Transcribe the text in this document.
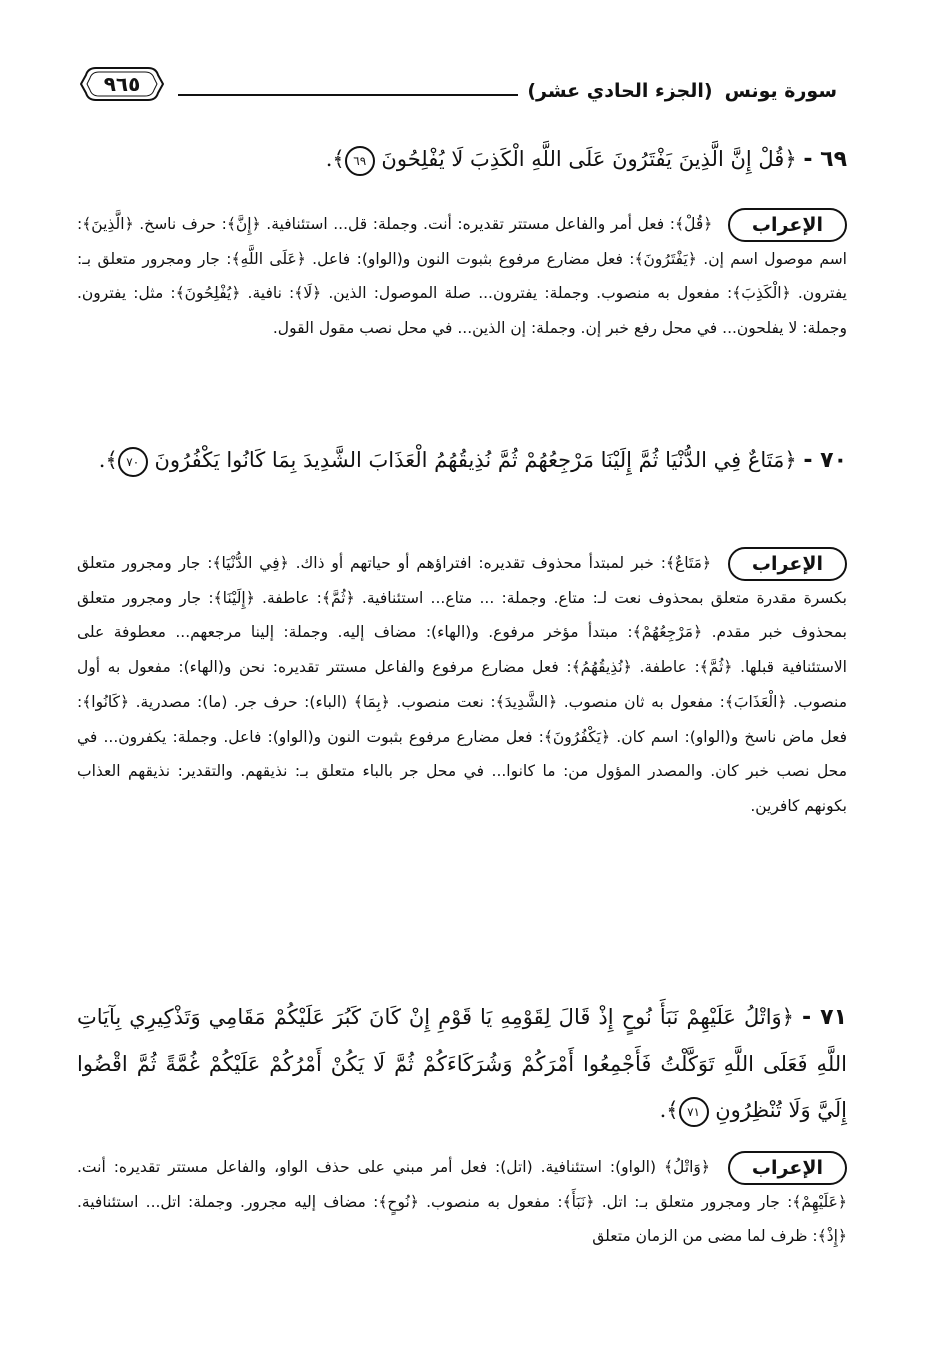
سورة يونس(الجزء الحادي عشر)
٩٦٥
٦٩ - ﴿قُلْ إِنَّ الَّذِينَ يَفْتَرُونَ عَلَى اللَّهِ الْكَذِبَ لَا يُفْلِحُونَ ٦٩﴾.
الإعراب ﴿قُلْ﴾: فعل أمر والفاعل مستتر تقديره: أنت. وجملة: قل... استئنافية. ﴿إِنَّ﴾: حرف ناسخ. ﴿الَّذِينَ﴾: اسم موصول اسم إن. ﴿يَفْتَرُونَ﴾: فعل مضارع مرفوع بثبوت النون و(الواو): فاعل. ﴿عَلَى اللَّهِ﴾: جار ومجرور متعلق بـ: يفترون. ﴿الْكَذِبَ﴾: مفعول به منصوب. وجملة: يفترون... صلة الموصول: الذين. ﴿لَا﴾: نافية. ﴿يُفْلِحُونَ﴾: مثل: يفترون. وجملة: لا يفلحون... في محل رفع خبر إن. وجملة: إن الذين... في محل نصب مقول القول.
٧٠ - ﴿مَتَاعٌ فِي الدُّنْيَا ثُمَّ إِلَيْنَا مَرْجِعُهُمْ ثُمَّ نُذِيقُهُمُ الْعَذَابَ الشَّدِيدَ بِمَا كَانُوا يَكْفُرُونَ ٧٠﴾.
الإعراب ﴿مَتَاعٌ﴾: خبر لمبتدأ محذوف تقديره: افتراؤهم أو حياتهم أو ذاك. ﴿فِي الدُّنْيَا﴾: جار ومجرور متعلق بكسرة مقدرة متعلق بمحذوف نعت لـ: متاع. وجملة: ... متاع... استئنافية. ﴿ثُمَّ﴾: عاطفة. ﴿إِلَيْنَا﴾: جار ومجرور متعلق بمحذوف خبر مقدم. ﴿مَرْجِعُهُمْ﴾: مبتدأ مؤخر مرفوع. و(الهاء): مضاف إليه. وجملة: إلينا مرجعهم... معطوفة على الاستئنافية قبلها. ﴿ثُمَّ﴾: عاطفة. ﴿نُذِيقُهُمُ﴾: فعل مضارع مرفوع والفاعل مستتر تقديره: نحن و(الهاء): مفعول به أول منصوب. ﴿الْعَذَابَ﴾: مفعول به ثان منصوب. ﴿الشَّدِيدَ﴾: نعت منصوب. ﴿بِمَا﴾ (الباء): حرف جر. (ما): مصدرية. ﴿كَانُوا﴾: فعل ماض ناسخ و(الواو): اسم كان. ﴿يَكْفُرُونَ﴾: فعل مضارع مرفوع بثبوت النون و(الواو): فاعل. وجملة: يكفرون... في محل نصب خبر كان. والمصدر المؤول من: ما كانوا... في محل جر بالباء متعلق بـ: نذيقهم. والتقدير: نذيقهم العذاب بكونهم كافرين.
٧١ - ﴿وَاتْلُ عَلَيْهِمْ نَبَأَ نُوحٍ إِذْ قَالَ لِقَوْمِهِ يَا قَوْمِ إِنْ كَانَ كَبُرَ عَلَيْكُمْ مَقَامِي وَتَذْكِيرِي بِآيَاتِ اللَّهِ فَعَلَى اللَّهِ تَوَكَّلْتُ فَأَجْمِعُوا أَمْرَكُمْ وَشُرَكَاءَكُمْ ثُمَّ لَا يَكُنْ أَمْرُكُمْ عَلَيْكُمْ غُمَّةً ثُمَّ اقْضُوا إِلَيَّ وَلَا تُنْظِرُونِ ٧١﴾.
الإعراب ﴿وَاتْلُ﴾ (الواو): استئنافية. (اتل): فعل أمر مبني على حذف الواو، والفاعل مستتر تقديره: أنت. ﴿عَلَيْهِمْ﴾: جار ومجرور متعلق بـ: اتل. ﴿نَبَأَ﴾: مفعول به منصوب. ﴿نُوحٍ﴾: مضاف إليه مجرور. وجملة: اتل... استئنافية. ﴿إِذْ﴾: ظرف لما مضى من الزمان متعلق
